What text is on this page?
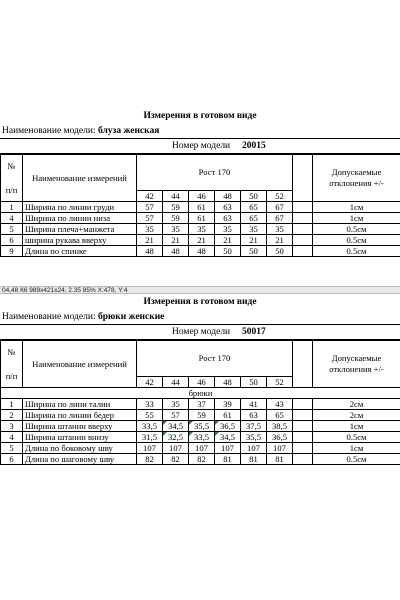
Измерения в готовом виде
Наименование модели: блуза женская
Номер модели 20015
№
п/п	Наименование измерений	Рост 170							Допускаемые отклонения +/-
		42	44	46	48	50	52		
1	Ширина по линии груди	57	59	61	63	65	67		1см
4	Ширина по линии низа	57	59	61	63	65	67		1см
5	Ширина плеча+манжета	35	35	35	35	35	35		0.5см
6	ширина рукава вверху	21	21	21	21	21	21		0.5см
9	Длина по спинке	48	48	48	50	50	50		0.5см
04,48 К6 989x421x24, 2.35 85% X:478, Y:4
Измерения в готовом виде
Наименование модели: брюки женские
Номер модели 50017
№
п/п	Наименование измерений	Рост 170							Допускаемые отклонения +/-
		42	44	46	48	50	52		
брюки									
1	Ширина по лини талии	33	35	37	39	41	43		2см
2	Ширина по линии бедер	55	57	59	61	63	65		2см
3	Ширина штанин вверху	33,5	34,5	35,5	36,5	37,5	38,5		1см
4	Ширина штанин внизу	31,5	32,5	33,5	34,5	35,5	36,5		0.5см
5	Длина по боковому шву	107	107	107	107	107	107		1см
6	Длина по шаговому шву	82	82	82	81	81	81		0.5см
